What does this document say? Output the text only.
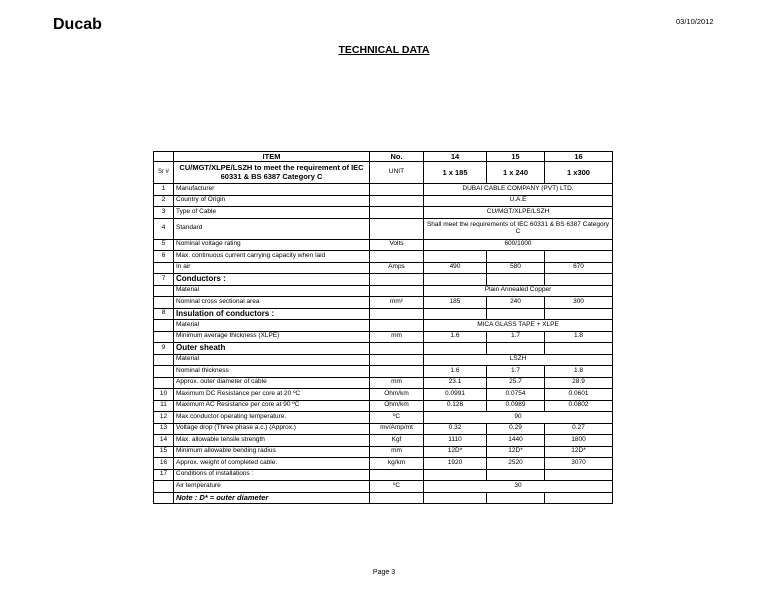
Ducab	03/10/2012
TECHNICAL DATA
	ITEM	No.	14	15	16
Sr #	CU/MGT/XLPE/LSZH to meet the requirement of IEC 60331 & BS 6387 Category C	UNIT	1 x 185	1 x 240	1 x300
1	Manufacturer		DUBAI CABLE COMPANY (PVT) LTD.		
2	Country of Origin		U.A.E		
3	Type of Cable		CU/MGT/XLPE/LSZH		
4	Standard		Shall meet the requirements of IEC 60331 & BS 6387 Category C		
5	Nominal voltage rating	Volts	600/1000		
6	Max. continuous current carrying capacity when laid				
	In air	Amps	490	580	670
7	Conductors :				
	Material		Plain Annealed Copper		
	Nominal cross sectional area	mm²	185	240	300
8	Insulation of conductors :				
	Material		MICA GLASS TAPE + XLPE		
	Minimum average thickness (XLPE)	mm	1.6	1.7	1.8
9	Outer sheath				
	Material		LSZH		
	Nominal thickness		1.6	1.7	1.8
	Approx. outer diameter of cable	mm	23.1	25.7	28.9
10	Maximum DC Resistance per core at 20 ºC	Ohm/km	0.0991	0.0754	0.0601
11	Maximum AC Resistance per core at 90 ºC	Ohm/km	0.128	0.0989	0.0802
12	Max.conductor operating temperature.	ºC	90		
13	Voltage drop (Three phase a.c.) (Approx.)	mv/Amp/mt	0.32	0.29	0.27
14	Max. allowable tensile strength	Kgf	1110	1440	1800
15	Minimum allowable bending radius	mm	12D*	12D*	12D*
16	Approx. weight of completed cable.	kg/km	1920	2520	3070
17	Conditions of installations :				
	Air temperature	ºC	30		
	Note : D* = outer diameter				
Page 3
